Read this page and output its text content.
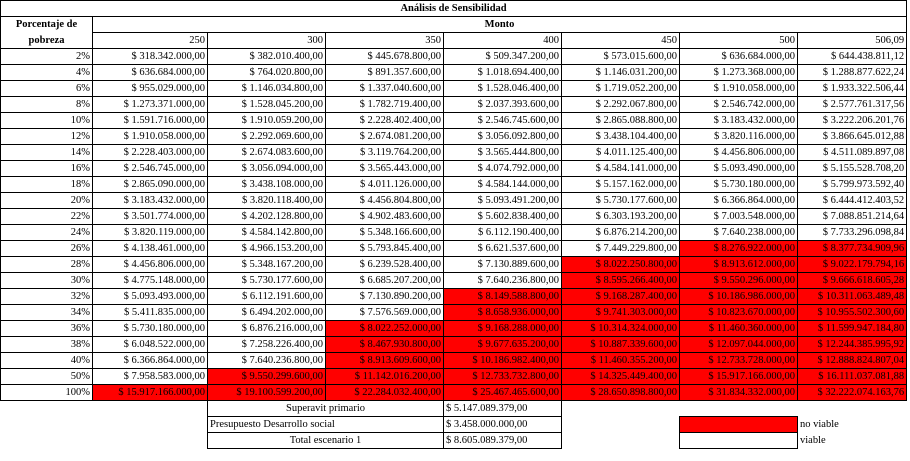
Análisis de Sensibilidad							
Porcentaje de	Monto						
pobreza	250	300	350	400	450	500	506,09
2%	$ 318.342.000,00	$ 382.010.400,00	$ 445.678.800,00	$ 509.347.200,00	$ 573.015.600,00	$ 636.684.000,00	$ 644.438.811,12
4%	$ 636.684.000,00	$ 764.020.800,00	$ 891.357.600,00	$ 1.018.694.400,00	$ 1.146.031.200,00	$ 1.273.368.000,00	$ 1.288.877.622,24
6%	$ 955.029.000,00	$ 1.146.034.800,00	$ 1.337.040.600,00	$ 1.528.046.400,00	$ 1.719.052.200,00	$ 1.910.058.000,00	$ 1.933.322.506,44
8%	$ 1.273.371.000,00	$ 1.528.045.200,00	$ 1.782.719.400,00	$ 2.037.393.600,00	$ 2.292.067.800,00	$ 2.546.742.000,00	$ 2.577.761.317,56
10%	$ 1.591.716.000,00	$ 1.910.059.200,00	$ 2.228.402.400,00	$ 2.546.745.600,00	$ 2.865.088.800,00	$ 3.183.432.000,00	$ 3.222.206.201,76
12%	$ 1.910.058.000,00	$ 2.292.069.600,00	$ 2.674.081.200,00	$ 3.056.092.800,00	$ 3.438.104.400,00	$ 3.820.116.000,00	$ 3.866.645.012,88
14%	$ 2.228.403.000,00	$ 2.674.083.600,00	$ 3.119.764.200,00	$ 3.565.444.800,00	$ 4.011.125.400,00	$ 4.456.806.000,00	$ 4.511.089.897,08
16%	$ 2.546.745.000,00	$ 3.056.094.000,00	$ 3.565.443.000,00	$ 4.074.792.000,00	$ 4.584.141.000,00	$ 5.093.490.000,00	$ 5.155.528.708,20
18%	$ 2.865.090.000,00	$ 3.438.108.000,00	$ 4.011.126.000,00	$ 4.584.144.000,00	$ 5.157.162.000,00	$ 5.730.180.000,00	$ 5.799.973.592,40
20%	$ 3.183.432.000,00	$ 3.820.118.400,00	$ 4.456.804.800,00	$ 5.093.491.200,00	$ 5.730.177.600,00	$ 6.366.864.000,00	$ 6.444.412.403,52
22%	$ 3.501.774.000,00	$ 4.202.128.800,00	$ 4.902.483.600,00	$ 5.602.838.400,00	$ 6.303.193.200,00	$ 7.003.548.000,00	$ 7.088.851.214,64
24%	$ 3.820.119.000,00	$ 4.584.142.800,00	$ 5.348.166.600,00	$ 6.112.190.400,00	$ 6.876.214.200,00	$ 7.640.238.000,00	$ 7.733.296.098,84
26%	$ 4.138.461.000,00	$ 4.966.153.200,00	$ 5.793.845.400,00	$ 6.621.537.600,00	$ 7.449.229.800,00	$ 8.276.922.000,00	$ 8.377.734.909,96
28%	$ 4.456.806.000,00	$ 5.348.167.200,00	$ 6.239.528.400,00	$ 7.130.889.600,00	$ 8.022.250.800,00	$ 8.913.612.000,00	$ 9.022.179.794,16
30%	$ 4.775.148.000,00	$ 5.730.177.600,00	$ 6.685.207.200,00	$ 7.640.236.800,00	$ 8.595.266.400,00	$ 9.550.296.000,00	$ 9.666.618.605,28
32%	$ 5.093.493.000,00	$ 6.112.191.600,00	$ 7.130.890.200,00	$ 8.149.588.800,00	$ 9.168.287.400,00	$ 10.186.986.000,00	$ 10.311.063.489,48
34%	$ 5.411.835.000,00	$ 6.494.202.000,00	$ 7.576.569.000,00	$ 8.658.936.000,00	$ 9.741.303.000,00	$ 10.823.670.000,00	$ 10.955.502.300,60
36%	$ 5.730.180.000,00	$ 6.876.216.000,00	$ 8.022.252.000,00	$ 9.168.288.000,00	$ 10.314.324.000,00	$ 11.460.360.000,00	$ 11.599.947.184,80
38%	$ 6.048.522.000,00	$ 7.258.226.400,00	$ 8.467.930.800,00	$ 9.677.635.200,00	$ 10.887.339.600,00	$ 12.097.044.000,00	$ 12.244.385.995,92
40%	$ 6.366.864.000,00	$ 7.640.236.800,00	$ 8.913.609.600,00	$ 10.186.982.400,00	$ 11.460.355.200,00	$ 12.733.728.000,00	$ 12.888.824.807,04
50%	$ 7.958.583.000,00	$ 9.550.299.600,00	$ 11.142.016.200,00	$ 12.733.732.800,00	$ 14.325.449.400,00	$ 15.917.166.000,00	$ 16.111.037.081,88
100%	$ 15.917.166.000,00	$ 19.100.599.200,00	$ 22.284.032.400,00	$ 25.467.465.600,00	$ 28.650.898.800,00	$ 31.834.332.000,00	$ 32.222.074.163,76
		Superavit primario		$ 5.147.089.379,00			
		Presupuesto Desarrollo social		$ 3.458.000.000,00			no viable
		Total escenario 1		$ 8.605.089.379,00			viable
